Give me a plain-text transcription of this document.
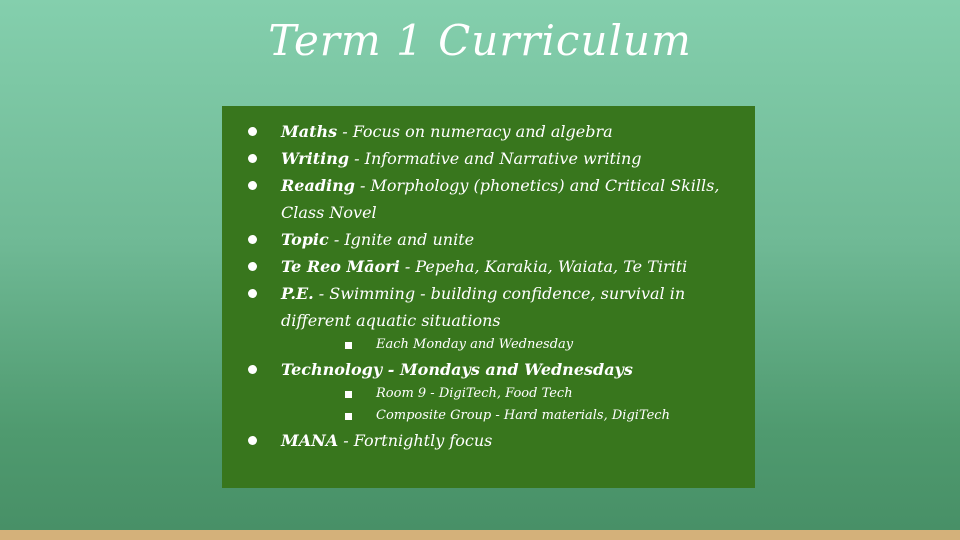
Term 1 Curriculum
Maths - Focus on numeracy and algebra
Writing - Informative and Narrative writing
Reading - Morphology (phonetics) and Critical Skills, Class Novel
Topic - Ignite and unite
Te Reo Māori - Pepeha, Karakia, Waiata, Te Tiriti
P.E. - Swimming - building confidence, survival in different aquatic situations
Each Monday and Wednesday
Technology - Mondays and Wednesdays
Room 9 - DigiTech, Food Tech
Composite Group - Hard materials, DigiTech
MANA - Fortnightly focus
